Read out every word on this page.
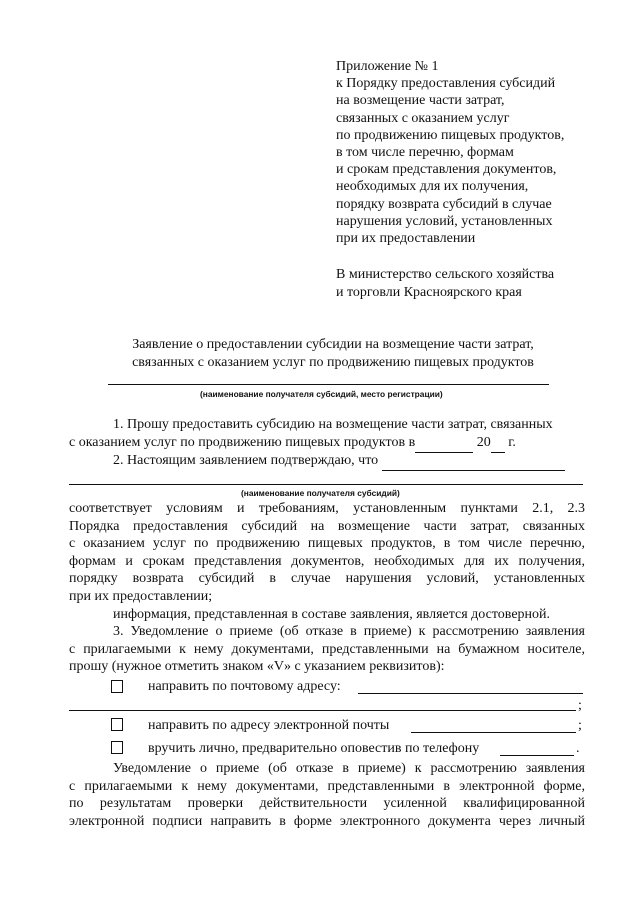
Приложение № 1
к Порядку предоставления субсидий
на возмещение части затрат,
связанных с оказанием услуг
по продвижению пищевых продуктов,
в том числе перечню, формам
и срокам представления документов,
необходимых для их получения,
порядку возврата субсидий в случае
нарушения условий, установленных
при их предоставлении
В министерство сельского хозяйства
и торговли Красноярского края
Заявление о предоставлении субсидии на возмещение части затрат,
связанных с оказанием услуг по продвижению пищевых продуктов
(наименование получателя субсидий, место регистрации)
1. Прошу предоставить субсидию на возмещение части затрат, связанных
с оказанием услуг по продвижению пищевых продуктов в	20 г.
2. Настоящим заявлением подтверждаю, что
(наименование получателя субсидий)
соответствует условиям и требованиям, установленным пунктами 2.1, 2.3
Порядка предоставления субсидий на возмещение части затрат, связанных
с оказанием услуг по продвижению пищевых продуктов, в том числе перечню,
формам и срокам представления документов, необходимых для их получения,
порядку возврата субсидий в случае нарушения условий, установленных
при их предоставлении;
информация, представленная в составе заявления, является достоверной.
3. Уведомление о приеме (об отказе в приеме) к рассмотрению заявления
с прилагаемыми к нему документами, представленными на бумажном носителе,
прошу (нужное отметить знаком «V» с указанием реквизитов):
направить по почтовому адресу:
;
направить по адресу электронной почты	;
вручить лично, предварительно оповестив по телефону	.
Уведомление о приеме (об отказе в приеме) к рассмотрению заявления
с прилагаемыми к нему документами, представленными в электронной форме,
по результатам проверки действительности усиленной квалифицированной
электронной подписи направить в форме электронного документа через личный
